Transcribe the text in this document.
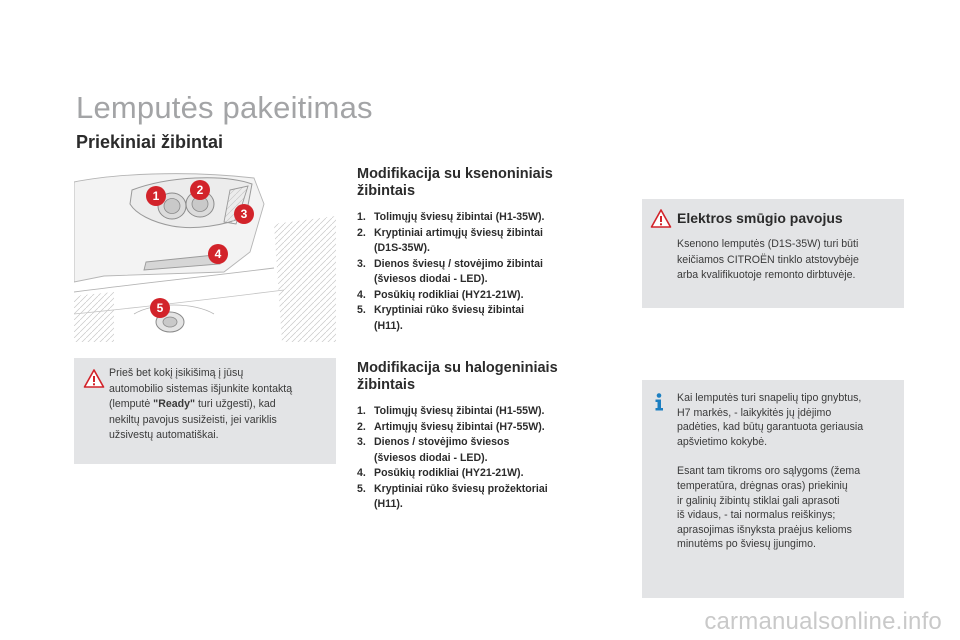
Lemputės pakeitimas
Priekiniai žibintai
1	2
3
4
5
Prieš bet kokį įsikišimą į jūsų
automobilio sistemas išjunkite kontaktą
(lemputė "Ready" turi užgesti), kad
nekiltų pavojus susižeisti, jei variklis
užsivestų automatiškai.
Modifikacija su ksenoniniais
žibintais
1. Tolimųjų šviesų žibintai (H1-35W).
2. Kryptiniai artimųjų šviesų žibintai
(D1S-35W).
3. Dienos šviesų / stovėjimo žibintai
(šviesos diodai - LED).
4. Posūkių rodikliai (HY21-21W).
5. Kryptiniai rūko šviesų žibintai
(H11).
Modifikacija su halogeniniais
žibintais
1. Tolimųjų šviesų žibintai (H1-55W).
2. Artimųjų šviesų žibintai (H7-55W).
3. Dienos / stovėjimo šviesos
(šviesos diodai - LED).
4. Posūkių rodikliai (HY21-21W).
5. Kryptiniai rūko šviesų prožektoriai
(H11).
Elektros smūgio pavojus
Ksenono lemputės (D1S-35W) turi būti
keičiamos CITROËN tinklo atstovybėje
arba kvalifikuotoje remonto dirbtuvėje.
Kai lemputės turi snapelių tipo gnybtus,
H7 markės, - laikykitės jų įdėjimo
padėties, kad būtų garantuota geriausia
apšvietimo kokybė.
Esant tam tikroms oro sąlygoms (žema
temperatūra, drėgnas oras) priekinių
ir galinių žibintų stiklai gali aprasoti
iš vidaus, - tai normalus reiškinys;
aprasojimas išnyksta praėjus kelioms
minutėms po šviesų įjungimo.
carmanualsonline.info
